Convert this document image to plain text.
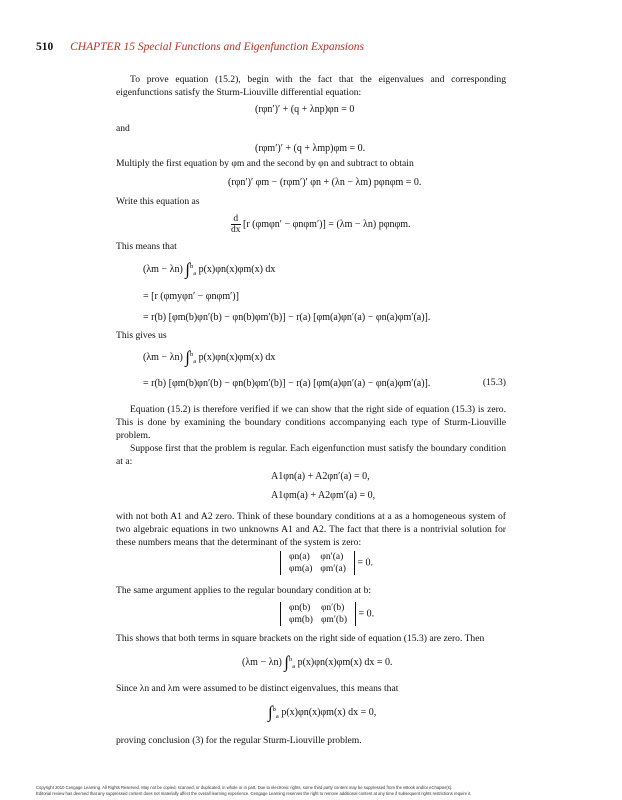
510 CHAPTER 15 Special Functions and Eigenfunction Expansions

To prove equation (15.2), begin with the fact that the eigenvalues and corresponding eigenfunctions satisfy the Sturm-Liouville differential equation:

(rφn′)′ + (q + λnp)φn = 0

and

(rφm′)′ + (q + λmp)φm = 0.

Multiply the first equation by φm and the second by φn and subtract to obtain

(rφn′)′ φm − (rφm′)′ φn + (λn − λm) pφnφm = 0.

Write this equation as

$\frac{d}{dx} [r$ (φmφn′ − φnφm′)] = (λm − λn) pφnφm.

This means that

(λm − λn) ∫$^b_a$ p(x)φn(x)φm(x) dx
= [r (φmyφn′ − φnφm′)]
= r(b) [φm(b)φn′(b) − φn(b)φm′(b)] − r(a) [φm(a)φn′(a) − φn(a)φm′(a)].

This gives us

(λm − λn) ∫$^b_a$ p(x)φn(x)φm(x) dx
= r(b) [φm(b)φn′(b) − φn(b)φm′(b)] − r(a) [φm(a)φn′(a) − φn(a)φm′(a)].	(15.3)

Equation (15.2) is therefore verified if we can show that the right side of equation (15.3) is zero. This is done by examining the boundary conditions accompanying each type of Sturm-Liouville problem.

Suppose first that the problem is regular. Each eigenfunction must satisfy the boundary condition at a:

A1φn(a) + A2φn′(a) = 0,
A1φm(a) + A2φm′(a) = 0,

with not both A1 and A2 zero. Think of these boundary conditions at a as a homogeneous system of two algebraic equations in two unknowns A1 and A2. The fact that there is a nontrivial solution for these numbers means that the determinant of the system is zero:

φn(a)	φn′(a)
φm(a)	φm′(a)
= 0.

The same argument applies to the regular boundary condition at b:

φn(b)	φn′(b)
φm(b)	φm′(b)
= 0.

This shows that both terms in square brackets on the right side of equation (15.3) are zero. Then

(λm − λn) ∫$^b_a$ p(x)φn(x)φm(x) dx = 0.

Since λn and λm were assumed to be distinct eigenvalues, this means that

∫$^b_a$ p(x)φn(x)φm(x) dx = 0,

proving conclusion (3) for the regular Sturm-Liouville problem.

Copyright 2010 Cengage Learning. All Rights Reserved. May not be copied, scanned, or duplicated, in whole or in part. Due to electronic rights, some third party content may be suppressed from the eBook and/or eChapter(s).
Editorial review has deemed that any suppressed content does not materially affect the overall learning experience. Cengage Learning reserves the right to remove additional content at any time if subsequent rights restrictions require it.
